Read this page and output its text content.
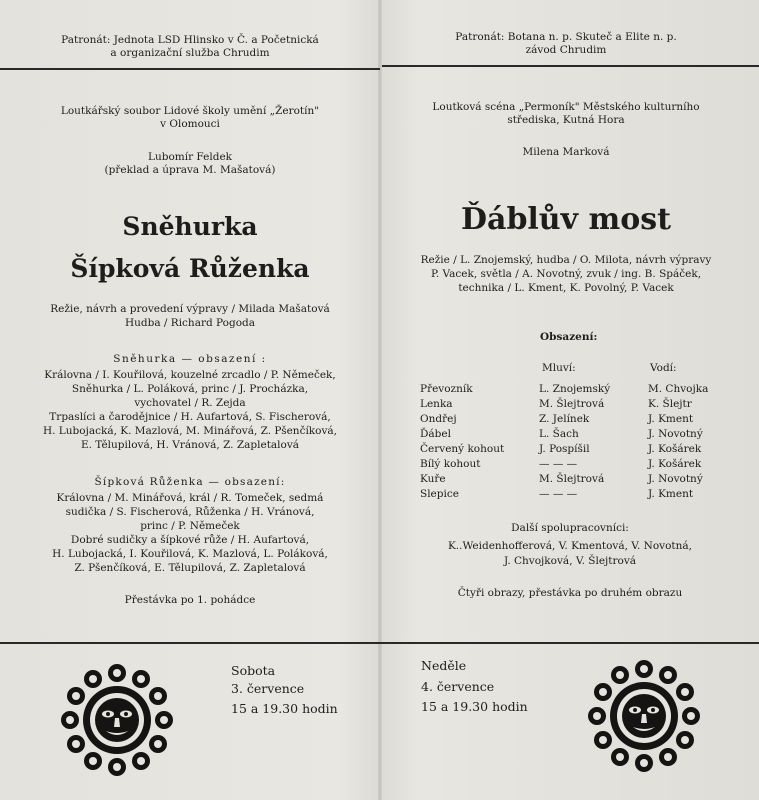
Patronát: Jednota LSD Hlinsko v Č. a Početnická
a organizační služba Chrudim
Loutkářský soubor Lidové školy umění „Žerotín"
v Olomouci
Lubomír Feldek
(překlad a úprava M. Mašatová)
Sněhurka
Šípková Růženka
Režie, návrh a provedení výpravy / Milada Mašatová
Hudba / Richard Pogoda
Sněhurka — obsazení :
Královna / I. Kouřilová, kouzelné zrcadlo / P. Němeček,
Sněhurka / L. Poláková, princ / J. Procházka,
vychovatel / R. Zejda
Trpaslíci a čarodějnice / H. Aufartová, S. Fischerová,
H. Lubojacká, K. Mazlová, M. Minářová, Z. Pšenčíková,
E. Tělupilová, H. Vránová, Z. Zapletalová
Šípková Růženka — obsazení:
Královna / M. Minářová, král / R. Tomeček, sedmá
sudička / S. Fischerová, Růženka / H. Vránová,
princ / P. Němeček
Dobré sudičky a šípkové růže / H. Aufartová,
H. Lubojacká, I. Kouřilová, K. Mazlová, L. Poláková,
Z. Pšenčíková, E. Tělupilová, Z. Zapletalová
Přestávka po 1. pohádce
Patronát: Botana n. p. Skuteč a Elite n. p.
závod Chrudim
Loutková scéna „Permoník" Městského kulturního
střediska, Kutná Hora
Milena Marková
Ďáblův most
Režie / L. Znojemský, hudba / O. Milota, návrh výpravy
P. Vacek, světla / A. Novotný, zvuk / ing. B. Spáček,
technika / L. Kment, K. Povolný, P. Vacek
Obsazení:
Mluví:	Vodí:
Převozník	L. Znojemský	M. Chvojka
Lenka	M. Šlejtrová	K. Šlejtr
Ondřej	Z. Jelínek	J. Kment
Ďábel	L. Šach	J. Novotný
Červený kohout	J. Pospíšil	J. Košárek
Bílý kohout	— — —	J. Košárek
Kuře	M. Šlejtrová	J. Novotný
Slepice	— — —	J. Kment
Další spolupracovníci:
K..Weidenhofferová, V. Kmentová, V. Novotná,
J. Chvojková, V. Šlejtrová
Čtyři obrazy, přestávka po druhém obrazu
Sobota
3. července
15 a 19.30 hodin
Neděle
4. července
15 a 19.30 hodin
